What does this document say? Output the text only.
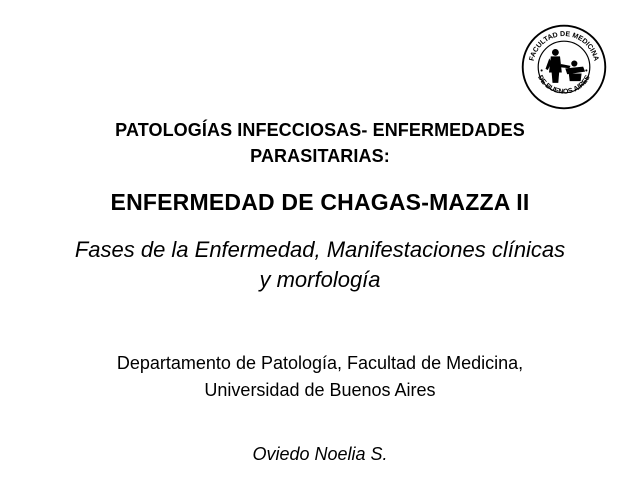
FACULTAD DE MEDICINA
DE BUENOS AIRES
PATOLOGÍAS INFECCIOSAS- ENFERMEDADES
PARASITARIAS:
ENFERMEDAD DE CHAGAS-MAZZA II
Fases de la Enfermedad, Manifestaciones clínicas
y morfología
Departamento de Patología, Facultad de Medicina,
Universidad de Buenos Aires
Oviedo Noelia S.
